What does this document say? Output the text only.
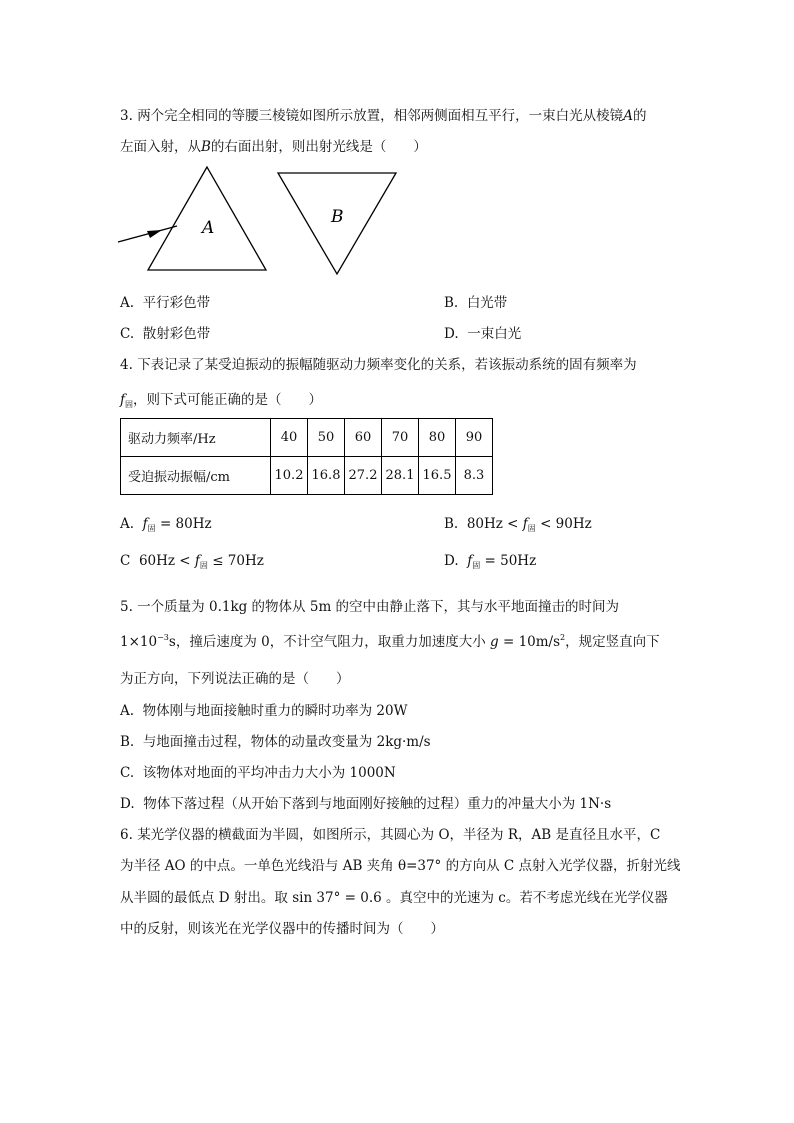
3. 两个完全相同的等腰三棱镜如图所示放置，相邻两侧面相互平行，一束白光从棱镜A的
左面入射，从B的右面出射，则出射光线是（　　）
A
B
A. 平行彩色带	B. 白光带
C. 散射彩色带	D. 一束白光
4. 下表记录了某受迫振动的振幅随驱动力频率变化的关系，若该振动系统的固有频率为
$f_固$，则下式可能正确的是（　　）
驱动力频率/Hz	40	50	60	70	80	90
受迫振动振幅/cm	10.2	16.8	27.2	28.1	16.5	8.3
A. $f_固 = 80Hz$	B. $80Hz < f_固 < 90Hz$
C $60Hz < f_固 \le 70Hz$	D. $f_固 = 50Hz$
5. 一个质量为 0.1kg 的物体从 5m 的空中由静止落下，其与水平地面撞击的时间为
$1\times 10^{-3}s$，撞后速度为 0，不计空气阻力，取重力加速度大小 $g = 10m/s^2$，规定竖直向下
为正方向，下列说法正确的是（　　）
A. 物体刚与地面接触时重力的瞬时功率为 20W
B. 与地面撞击过程，物体的动量改变量为 2kg·m/s
C. 该物体对地面的平均冲击力大小为 1000N
D. 物体下落过程（从开始下落到与地面刚好接触的过程）重力的冲量大小为 1N·s
6. 某光学仪器的横截面为半圆，如图所示，其圆心为 O，半径为 R，AB 是直径且水平，C
为半径 AO 的中点。一单色光线沿与 AB 夹角 θ=37° 的方向从 C 点射入光学仪器，折射光线
从半圆的最低点 D 射出。取 sin 37° = 0.6 。真空中的光速为 c。若不考虑光线在光学仪器
中的反射，则该光在光学仪器中的传播时间为（　　）
